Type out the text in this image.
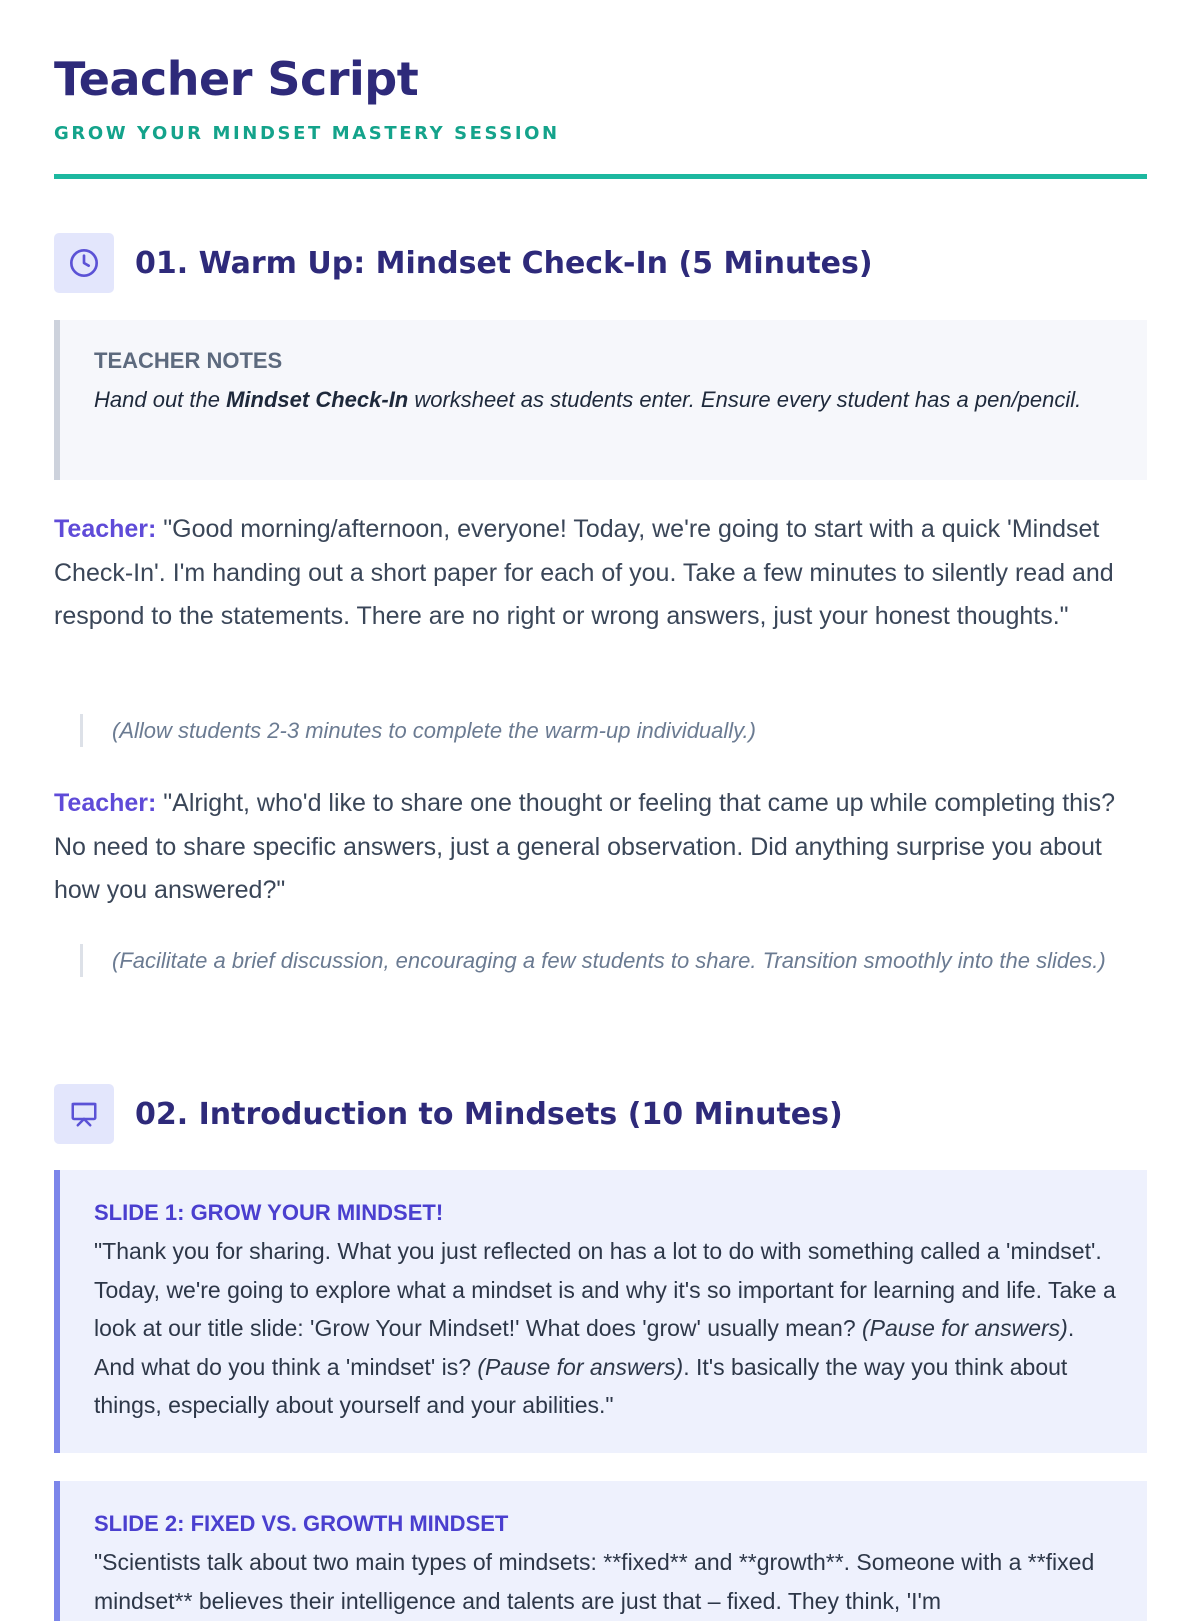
Teacher Script
GROW YOUR MINDSET MASTERY SESSION
01. Warm Up: Mindset Check-In (5 Minutes)
TEACHER NOTES
Hand out the Mindset Check-In worksheet as students enter. Ensure every student has a pen/pencil.
Teacher: "Good morning/afternoon, everyone! Today, we're going to start with a quick 'Mindset Check-In'. I'm handing out a short paper for each of you. Take a few minutes to silently read and respond to the statements. There are no right or wrong answers, just your honest thoughts."
(Allow students 2-3 minutes to complete the warm-up individually.)
Teacher: "Alright, who'd like to share one thought or feeling that came up while completing this? No need to share specific answers, just a general observation. Did anything surprise you about how you answered?"
(Facilitate a brief discussion, encouraging a few students to share. Transition smoothly into the slides.)
02. Introduction to Mindsets (10 Minutes)
SLIDE 1: GROW YOUR MINDSET!
"Thank you for sharing. What you just reflected on has a lot to do with something called a 'mindset'. Today, we're going to explore what a mindset is and why it's so important for learning and life. Take a look at our title slide: 'Grow Your Mindset!' What does 'grow' usually mean? (Pause for answers). And what do you think a 'mindset' is? (Pause for answers). It's basically the way you think about things, especially about yourself and your abilities."
SLIDE 2: FIXED VS. GROWTH MINDSET
"Scientists talk about two main types of mindsets: **fixed** and **growth**. Someone with a **fixed mindset** believes their intelligence and talents are just that – fixed. They think, 'I'm
